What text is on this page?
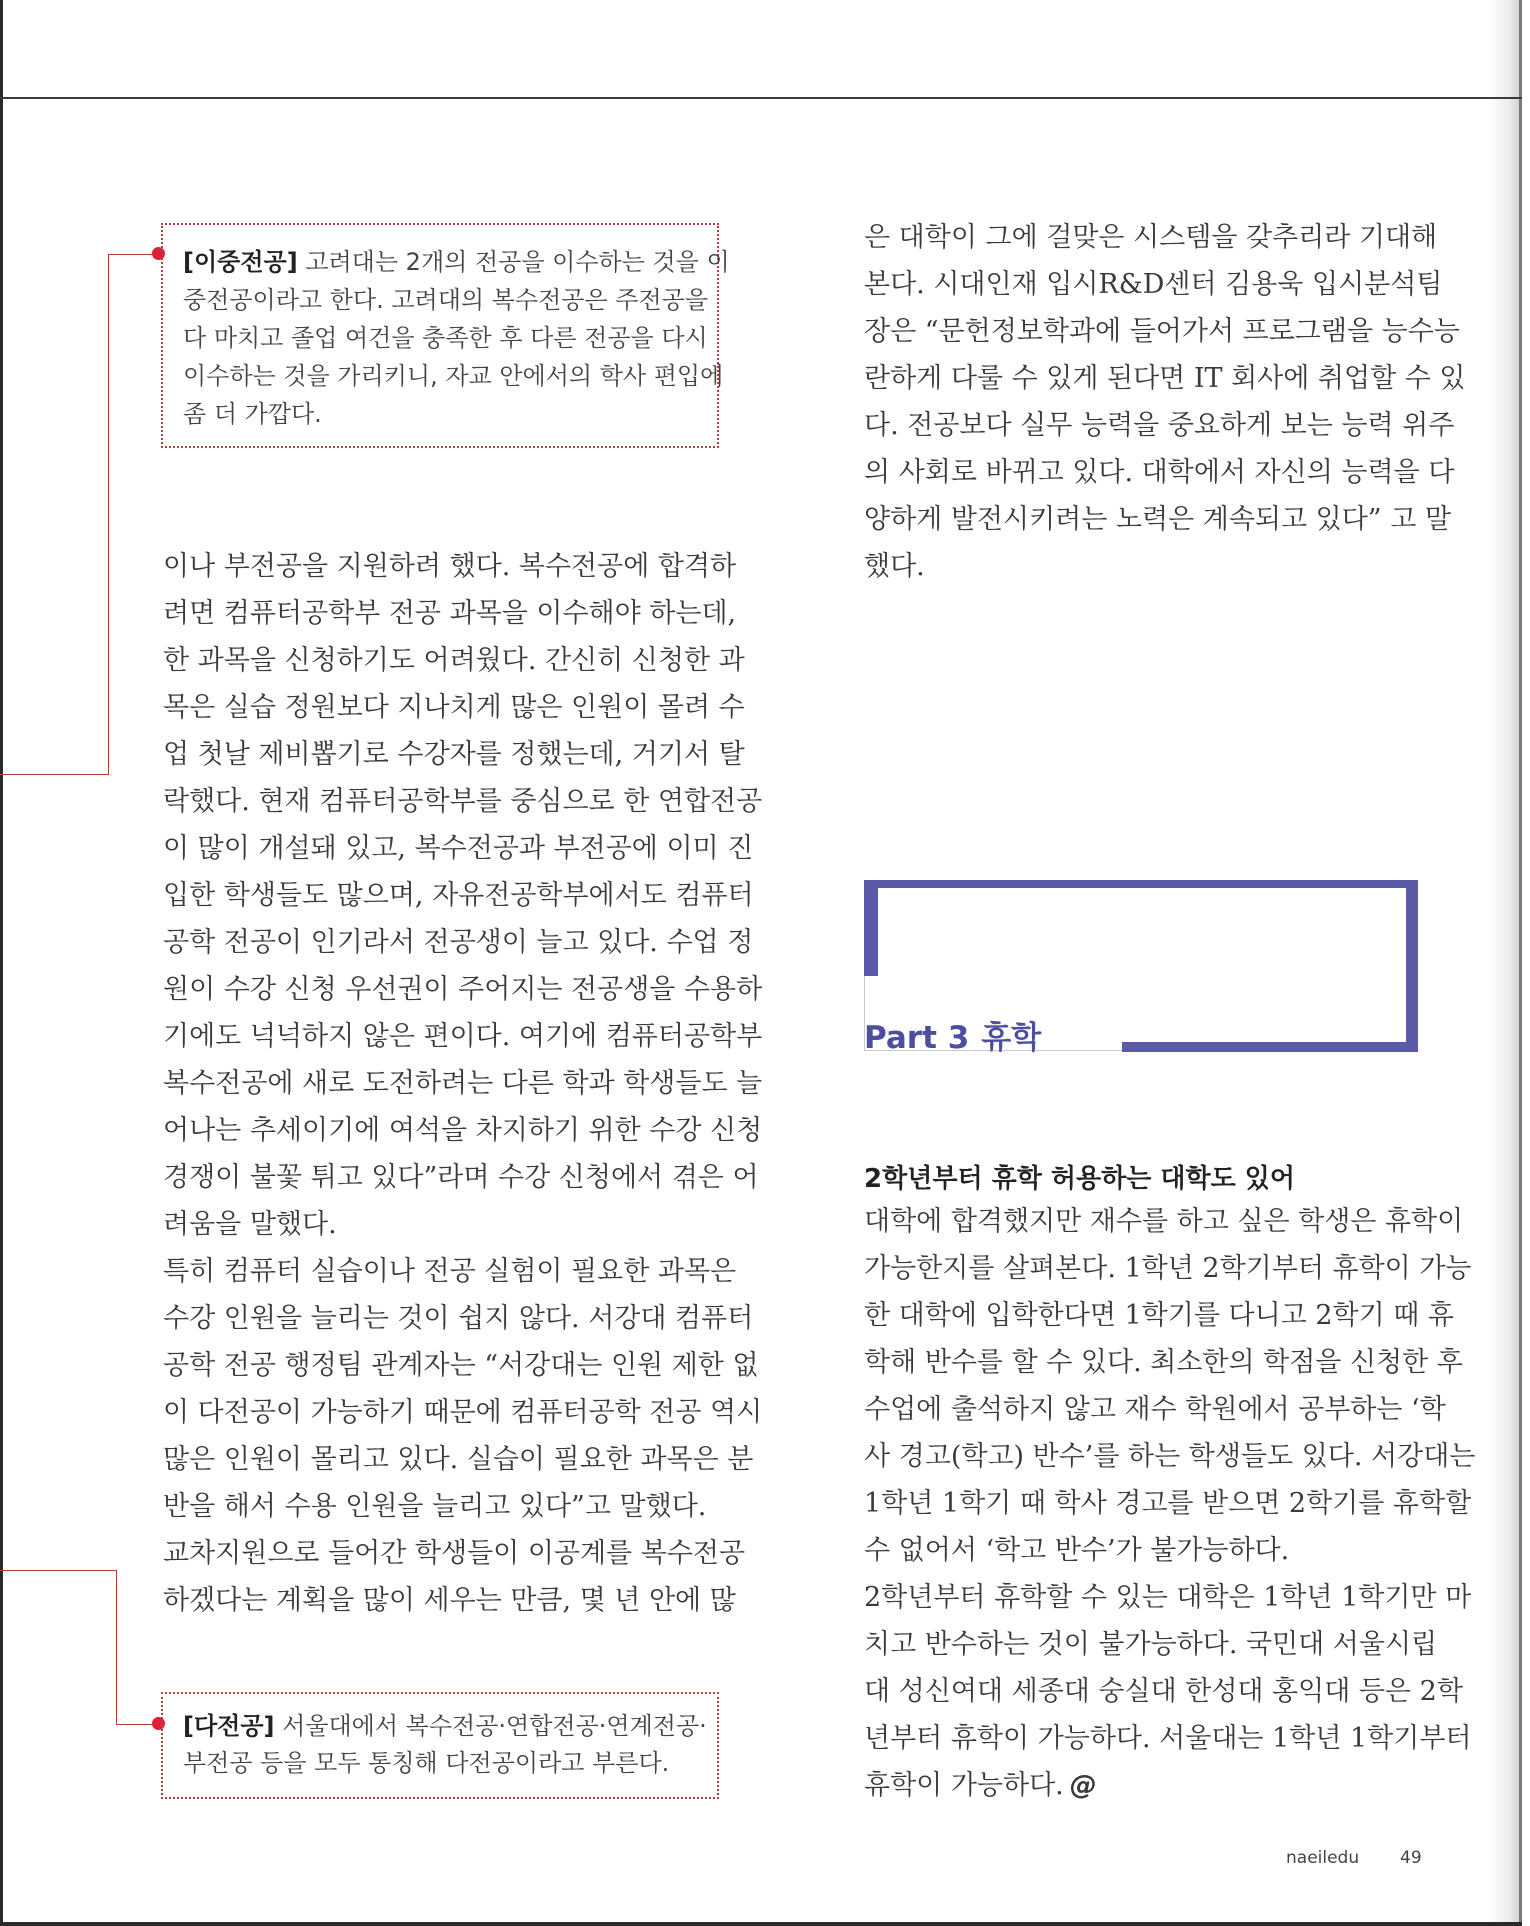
[이중전공] 고려대는 2개의 전공을 이수하는 것을 이

중전공이라고 한다. 고려대의 복수전공은 주전공을

다 마치고 졸업 여건을 충족한 후 다른 전공을 다시

이수하는 것을 가리키니, 자교 안에서의 학사 편입에

좀 더 가깝다.

[다전공] 서울대에서 복수전공·연합전공·연계전공·

부전공 등을 모두 통칭해 다전공이라고 부른다.

이나 부전공을 지원하려 했다. 복수전공에 합격하

려면 컴퓨터공학부 전공 과목을 이수해야 하는데,

한 과목을 신청하기도 어려웠다. 간신히 신청한 과

목은 실습 정원보다 지나치게 많은 인원이 몰려 수

업 첫날 제비뽑기로 수강자를 정했는데, 거기서 탈

락했다. 현재 컴퓨터공학부를 중심으로 한 연합전공

이 많이 개설돼 있고, 복수전공과 부전공에 이미 진

입한 학생들도 많으며, 자유전공학부에서도 컴퓨터

공학 전공이 인기라서 전공생이 늘고 있다. 수업 정

원이 수강 신청 우선권이 주어지는 전공생을 수용하

기에도 넉넉하지 않은 편이다. 여기에 컴퓨터공학부

복수전공에 새로 도전하려는 다른 학과 학생들도 늘

어나는 추세이기에 여석을 차지하기 위한 수강 신청

경쟁이 불꽃 튀고 있다”라며 수강 신청에서 겪은 어

려움을 말했다.

특히 컴퓨터 실습이나 전공 실험이 필요한 과목은

수강 인원을 늘리는 것이 쉽지 않다. 서강대 컴퓨터

공학 전공 행정팀 관계자는 “서강대는 인원 제한 없

이 다전공이 가능하기 때문에 컴퓨터공학 전공 역시

많은 인원이 몰리고 있다. 실습이 필요한 과목은 분

반을 해서 수용 인원을 늘리고 있다”고 말했다.

교차지원으로 들어간 학생들이 이공계를 복수전공

하겠다는 계획을 많이 세우는 만큼, 몇 년 안에 많

은 대학이 그에 걸맞은 시스템을 갖추리라 기대해

본다. 시대인재 입시R&D센터 김용욱 입시분석팀

장은 “문헌정보학과에 들어가서 프로그램을 능수능

란하게 다룰 수 있게 된다면 IT 회사에 취업할 수 있

다. 전공보다 실무 능력을 중요하게 보는 능력 위주

의 사회로 바뀌고 있다. 대학에서 자신의 능력을 다

양하게 발전시키려는 노력은 계속되고 있다” 고 말

했다.

Part 3 휴학
2학년부터 휴학 허용하는 대학도 있어

대학에 합격했지만 재수를 하고 싶은 학생은 휴학이

가능한지를 살펴본다. 1학년 2학기부터 휴학이 가능

한 대학에 입학한다면 1학기를 다니고 2학기 때 휴

학해 반수를 할 수 있다. 최소한의 학점을 신청한 후

수업에 출석하지 않고 재수 학원에서 공부하는 ‘학

사 경고(학고) 반수’를 하는 학생들도 있다. 서강대는

1학년 1학기 때 학사 경고를 받으면 2학기를 휴학할

수 없어서 ‘학고 반수’가 불가능하다.

2학년부터 휴학할 수 있는 대학은 1학년 1학기만 마

치고 반수하는 것이 불가능하다. 국민대 서울시립

대 성신여대 세종대 숭실대 한성대 홍익대 등은 2학

년부터 휴학이 가능하다. 서울대는 1학년 1학기부터

휴학이 가능하다. @

naeiledu 49
